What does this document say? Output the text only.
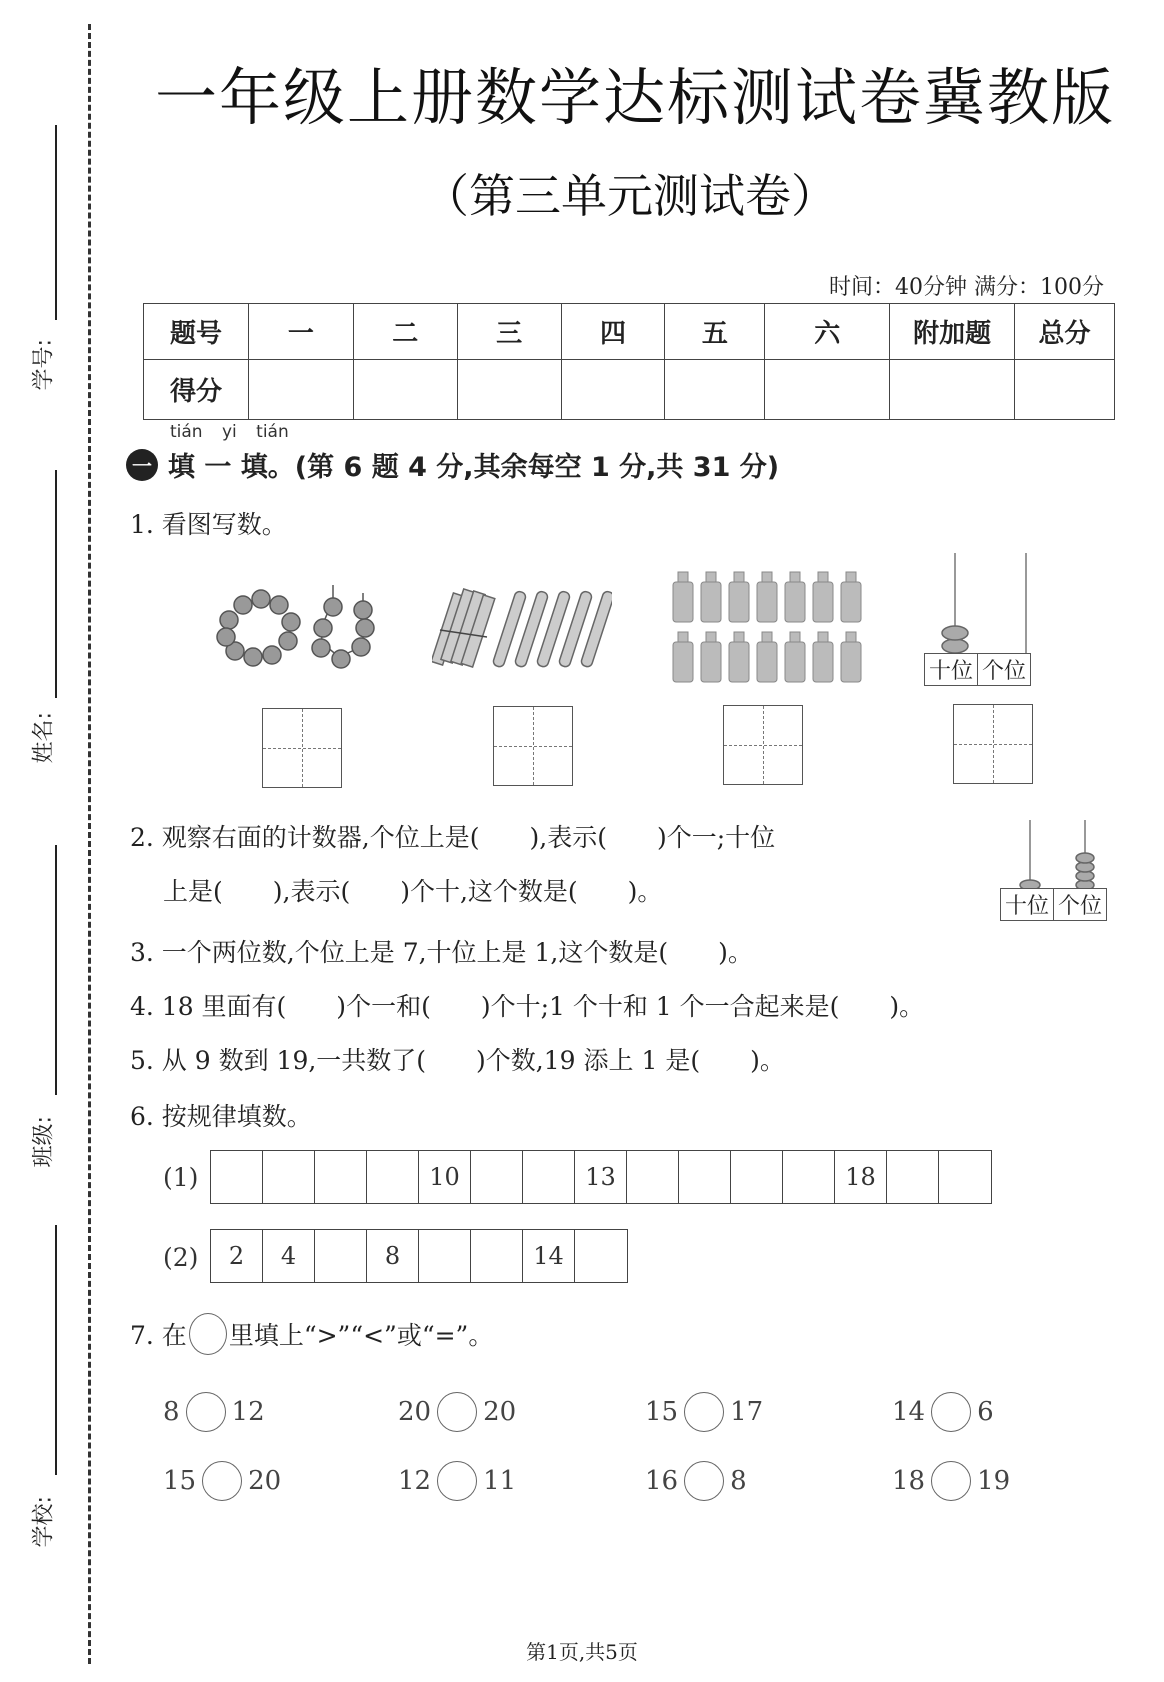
学号:
姓名:
班级:
学校:
一年级上册数学达标测试卷冀教版
（第三单元测试卷）
时间：40分钟 满分：100分
题号	一	二	三	四	五	六	附加题	总分
得分								
tián yi tián
一 填 一 填。(第 6 题 4 分,其余每空 1 分,共 31 分)
1. 看图写数。
十位 个位
2. 观察右面的计数器,个位上是(　　),表示(　　)个一;十位
上是(　　),表示(　　)个十,这个数是(　　)。
十位 个位
3. 一个两位数,个位上是 7,十位上是 1,这个数是(　　)。
4. 18 里面有(　　)个一和(　　)个十;1 个十和 1 个一合起来是(　　)。
5. 从 9 数到 19,一共数了(　　)个数,19 添上 1 是(　　)。
6. 按规律填数。
(1)	10	13	18
(2)	2	4	8	14
7. 在 里填上“>”“<”或“=”。
8 12	20 20	15 17	14 6
15 20	12 11	16 8	18 19
第1页,共5页
